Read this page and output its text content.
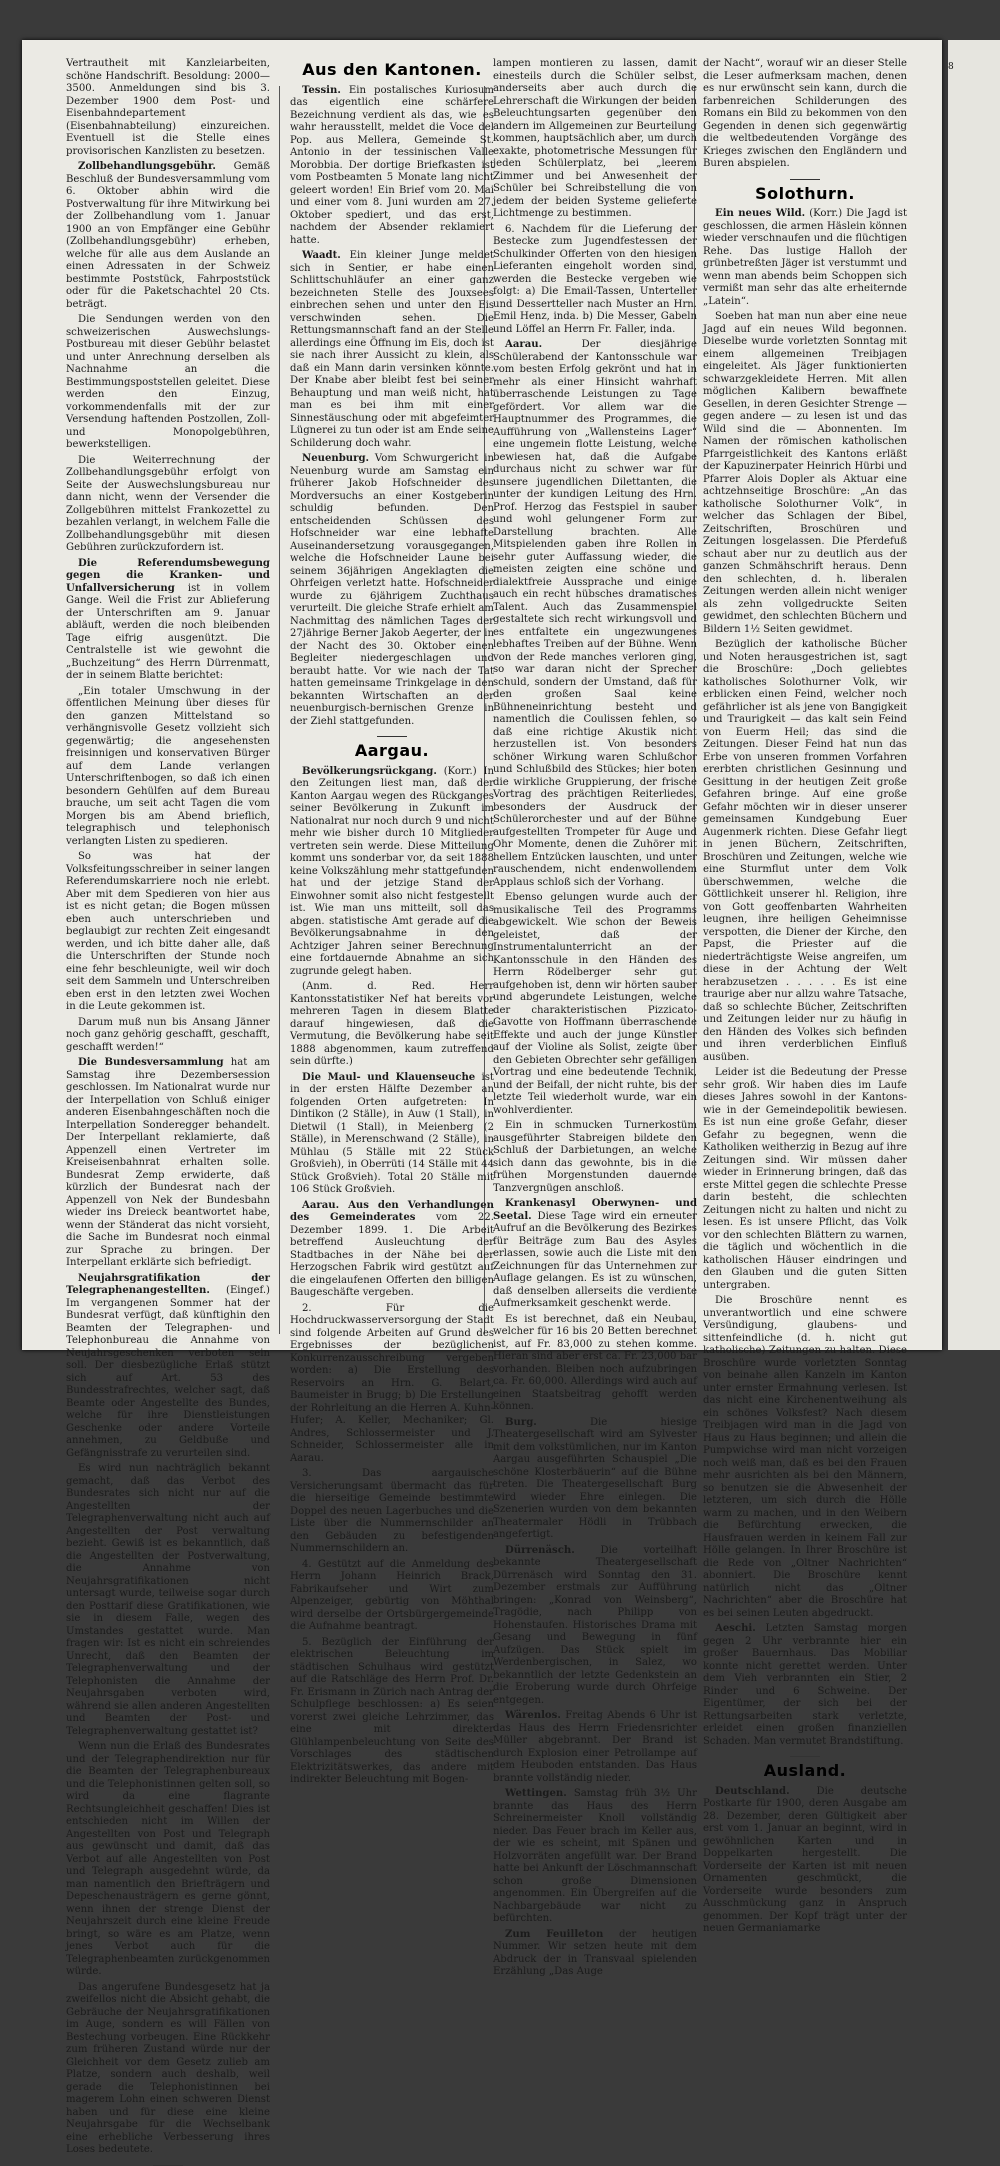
8

Vertrautheit mit Kanzleiarbeiten, schöne Handschrift. Besoldung: 2000—3500. Anmeldungen sind bis 3. Dezember 1900 dem Post- und Eisenbahndepartement (Eisenbahnabteilung) einzureichen. Eventuell ist die Stelle eines provisorischen Kanzlisten zu besetzen.

Zollbehandlungsgebühr. Gemäß Beschluß der Bundesversammlung vom 6. Oktober abhin wird die Postverwaltung für ihre Mitwirkung bei der Zollbehandlung vom 1. Januar 1900 an von Empfänger eine Gebühr (Zollbehandlungsgebühr) erheben, welche für alle aus dem Auslande an einen Adressaten in der Schweiz bestimmte Poststück, Fahrpoststück oder für die Paketschachtel 20 Cts. beträgt.

Die Sendungen werden von den schweizerischen Auswechslungs-Postbureau mit dieser Gebühr belastet und unter Anrechnung derselben als Nachnahme an die Bestimmungspoststellen geleitet. Diese werden den Einzug, vorkommendenfalls mit der zur Versendung haftenden Postzollen, Zoll- und Monopolgebühren, bewerkstelligen.

Die Weiterrechnung der Zollbehandlungsgebühr erfolgt von Seite der Auswechslungsbureau nur dann nicht, wenn der Versender die Zollgebühren mittelst Frankozettel zu bezahlen verlangt, in welchem Falle die Zollbehandlungsgebühr mit diesen Gebühren zurückzufordern ist.

Die Referendumsbewegung gegen die Kranken- und Unfallversicherung ist in vollem Gange. Weil die Frist zur Ablieferung der Unterschriften am 9. Januar abläuft, werden die noch bleibenden Tage eifrig ausgenützt. Die Centralstelle ist wie gewohnt die „Buchzeitung“ des Herrn Dürrenmatt, der in seinem Blatte berichtet:

„Ein totaler Umschwung in der öffentlichen Meinung über dieses für den ganzen Mittelstand so verhängnisvolle Gesetz vollzieht sich gegenwärtig; die angesehensten freisinnigen und konservativen Bürger auf dem Lande verlangen Unterschriftenbogen, so daß ich einen besondern Gehülfen auf dem Bureau brauche, um seit acht Tagen die vom Morgen bis am Abend brieflich, telegraphisch und telephonisch verlangten Listen zu spedieren.

So was hat der Volksfeitungsschreiber in seiner langen Referendumskarriere noch nie erlebt. Aber mit dem Spedieren von hier aus ist es nicht getan; die Bogen müssen eben auch unterschrieben und beglaubigt zur rechten Zeit eingesandt werden, und ich bitte daher alle, daß die Unterschriften der Stunde noch eine fehr beschleunigte, weil wir doch seit dem Sammeln und Unterschreiben eben erst in den letzten zwei Wochen in die Leute gekommen ist.

Darum muß nun bis Ansang Jänner noch ganz gehörig geschafft, geschafft, geschafft werden!“

Die Bundesversammlung hat am Samstag ihre Dezembersession geschlossen. Im Nationalrat wurde nur der Interpellation von Schluß einiger anderen Eisenbahngeschäften noch die Interpellation Sonderegger behandelt. Der Interpellant reklamierte, daß Appenzell einen Vertreter im Kreiseisenbahnrat erhalten solle. Bundesrat Zemp erwiderte, daß kürzlich der Bundesrat nach der Appenzell von Nek der Bundesbahn wieder ins Dreieck beantwortet habe, wenn der Ständerat das nicht vorsieht, die Sache im Bundesrat noch einmal zur Sprache zu bringen. Der Interpellant erklärte sich befriedigt.

Neujahrsgratifikation der Telegraphenangestellten. (Eingef.) Im vergangenen Sommer hat der Bundesrat verfügt, daß künftighin den Beamten der Telegraphen- und Telephonbureau die Annahme von Neujahrsgeschenken verboten sein soll. Der diesbezügliche Erlaß stützt sich auf Art. 53 des Bundesstrafrechtes, welcher sagt, daß Beamte oder Angestellte des Bundes, welche für ihre Dienstleistungen Geschenke oder andere Vorteile annehmen, zu Geldbuße und Gefängnisstrafe zu verurteilen sind.

Es wird nun nachträglich bekannt gemacht, daß das Verbot des Bundesrates sich nicht nur auf die Angestellten der Telegraphenverwaltung nicht auch auf Angestellten der Post verwaltung bezieht. Gewiß ist es bekanntlich, daß die Angestellten der Postverwaltung, die Annahme von Neujahrsgratifikationen nicht untersagt wurde, teilweise sogar durch den Posttarif diese Gratifikationen, wie sie in diesem Falle, wegen des Umstandes gestattet wurde. Man fragen wir: Ist es nicht ein schreiendes Unrecht, daß den Beamten der Telegraphenverwaltung und der Telephonisten die Annahme der Neujahrsgaben verboten wird, während sie allen anderen Angestellten und Beamten der Post- und Telegraphenverwaltung gestattet ist?

Wenn nun die Erlaß des Bundesrates und der Telegraphendirektion nur für die Beamten der Telegraphenbureaux und die Telephonistinnen gelten soll, so wird da eine flagrante Rechtsungleichheit geschaffen! Dies ist entschieden nicht im Willen der Angestellten von Post und Telegraph aus gewünscht und damit, daß das Verbot auf alle Angestellten von Post und Telegraph ausgedehnt würde, da man namentlich den Briefträgern und Depeschenausträgern es gerne gönnt, wenn ihnen der strenge Dienst der Neujahrszeit durch eine kleine Freude bringt, so wäre es am Platze, wenn jenes Verbot auch für die Telegraphenbeamten zurückgenommen würde.

Das angerufene Bundesgesetz hat ja zweifellos nicht die Absicht gehabt, die Gebräuche der Neujahrsgratifikationen im Auge, sondern es will Fällen von Bestechung vorbeugen. Eine Rückkehr zum früheren Zustand würde nur der Gleichheit vor dem Gesetz zulieb am Platze, sondern auch deshalb, weil gerade die Telephonistinnen bei magerem Lohn einen schweren Dienst haben und für diese eine kleine Neujahrsgabe für die Wechselbank eine erhebliche Verbesserung ihres Loses bedeutete.

Aus den Kantonen.

Tessin. Ein postalisches Kuriosum das eigentlich eine schärfere Bezeichnung verdient als das, wie es wahr herausstellt, meldet die Voce del Pop. aus Mellera, Gemeinde St. Antonio in der tessinischen Valle Morobbia. Der dortige Briefkasten ist vom Postbeamten 5 Monate lang nicht geleert worden! Ein Brief vom 20. Mai und einer vom 8. Juni wurden am 27. Oktober spediert, und das erst, nachdem der Absender reklamiert hatte.

Waadt. Ein kleiner Junge meldet sich in Sentier, er habe einen Schlittschuhläufer an einer ganz bezeichneten Stelle des Jouxsees einbrechen sehen und unter den Eis verschwinden sehen. Die Rettungsmannschaft fand an der Stelle allerdings eine Öffnung im Eis, doch ist sie nach ihrer Aussicht zu klein, als daß ein Mann darin versinken könnte. Der Knabe aber bleibt fest bei seiner Behauptung und man weiß nicht, hat man es bei ihm mit einer Sinnestäuschung oder mit abgefeimter Lügnerei zu tun oder ist am Ende seine Schilderung doch wahr.

Neuenburg. Vom Schwurgericht in Neuenburg wurde am Samstag ein früherer Jakob Hofschneider des Mordversuchs an einer Kostgeberin schuldig befunden. Den entscheidenden Schüssen des Hofschneider war eine lebhafte Auseinandersetzung vorausgegangen, welche die Hofschneider Laune bei seinem 36jährigen Angeklagten die Ohrfeigen verletzt hatte. Hofschneider wurde zu 6jährigem Zuchthaus verurteilt. Die gleiche Strafe erhielt am Nachmittag des nämlichen Tages der 27jährige Berner Jakob Aegerter, der in der Nacht des 30. Oktober einen Begleiter niedergeschlagen und beraubt hatte. Vor wie nach der Tat hatten gemeinsame Trinkgelage in den bekannten Wirtschaften an der neuenburgisch-bernischen Grenze in der Ziehl stattgefunden.

Aargau.

Bevölkerungsrückgang. (Korr.) In den Zeitungen liest man, daß der Kanton Aargau wegen des Rückganges seiner Bevölkerung in Zukunft im Nationalrat nur noch durch 9 und nicht mehr wie bisher durch 10 Mitglieder vertreten sein werde. Diese Mitteilung kommt uns sonderbar vor, da seit 1888 keine Volkszählung mehr stattgefunden hat und der jetzige Stand der Einwohner somit also nicht festgestellt ist. Wie man uns mitteilt, soll das abgen. statistische Amt gerade auf die Bevölkerungsabnahme in den Achtziger Jahren seiner Berechnung eine fortdauernde Abnahme an sich zugrunde gelegt haben.

(Anm. d. Red. Herr Kantonsstatistiker Nef hat bereits vor mehreren Tagen in diesem Blatte darauf hingewiesen, daß die Vermutung, die Bevölkerung habe seit 1888 abgenommen, kaum zutreffend sein dürfte.)

Die Maul- und Klauenseuche ist in der ersten Hälfte Dezember an folgenden Orten aufgetreten: In Dintikon (2 Ställe), in Auw (1 Stall), in Dietwil (1 Stall), in Meienberg (2 Ställe), in Merenschwand (2 Ställe), in Mühlau (5 Ställe mit 22 Stück Großvieh), in Oberrüti (14 Ställe mit 44 Stück Großvieh). Total 20 Ställe mit 106 Stück Großvieh.

Aarau. Aus den Verhandlungen des Gemeinderates vom 22. Dezember 1899. 1. Die Arbeit betreffend Ausleuchtung der Stadtbaches in der Nähe bei der Herzogschen Fabrik wird gestützt auf die eingelaufenen Offerten den billigen Baugeschäfte vergeben.

2. Für die Hochdruckwasserversorgung der Stadt sind folgende Arbeiten auf Grund des Ergebnisses der bezüglichen Konkurrenzausschreibung vergeben worden: a) Die Erstellung des Reservoirs an Hrn. G. Belart, Baumeister in Brugg; b) Die Erstellung der Rohrleitung an die Herren A. Kuhn-Hufer; A. Keller, Mechaniker; Gl. Andres, Schlossermeister und J. Schneider, Schlossermeister alle in Aarau.

3. Das aargauische Versicherungsamt übermacht das für die hierseitige Gemeinde bestimmte Doppel des neuen Lagerbuches und die Liste über die Nummernschilder an den Gebäuden zu befestigenden Nummernschildern an.

4. Gestützt auf die Anmeldung des Herrn Johann Heinrich Brack, Fabrikaufseher und Wirt zum Alpenzeiger, gebürtig von Möhthal wird derselbe der Ortsbürgergemeinde die Aufnahme beantragt.

5. Bezüglich der Einführung der elektrischen Beleuchtung im städtischen Schulhaus wird gestützt auf die Ratschläge des Herrn Prof. Dr. Fr. Erismann in Zürich nach Antrag der Schulpflege beschlossen: a) Es seien vorerst zwei gleiche Lehrzimmer, das eine mit direkter Glühlampenbeleuchtung von Seite des Vorschlages des städtischen Elektrizitätswerkes, das andere mit indirekter Beleuchtung mit Bogen-

lampen montieren zu lassen, damit einesteils durch die Schüler selbst, anderseits aber auch durch die Lehrerschaft die Wirkungen der beiden Beleuchtungsarten gegenüber den andern im Allgemeinen zur Beurteilung kommen, hauptsächlich aber, um durch exakte, photometrische Messungen für jeden Schülerplatz, bei „leerem Zimmer und bei Anwesenheit der Schüler bei Schreibstellung die von jedem der beiden Systeme gelieferte Lichtmenge zu bestimmen.

6. Nachdem für die Lieferung der Bestecke zum Jugendfestessen der Schulkinder Offerten von den hiesigen Lieferanten eingeholt worden sind, werden die Bestecke vergeben wie folgt: a) Die Email-Tassen, Unterteller und Dessertteller nach Muster an Hrn. Emil Henz, inda. b) Die Messer, Gabeln und Löffel an Herrn Fr. Faller, inda.

Aarau.	Der diesjährige Schülerabend der Kantonsschule war vom besten Erfolg gekrönt und hat in mehr als einer Hinsicht wahrhaft überraschende Leistungen zu Tage gefördert. Vor allem war die Hauptnummer des Programmes, die Aufführung von „Wallensteins Lager“ eine ungemein flotte Leistung, welche bewiesen hat, daß die Aufgabe durchaus nicht zu schwer war für unsere jugendlichen Dilettanten, die unter der kundigen Leitung des Hrn. Prof. Herzog das Festspiel in sauber und wohl gelungener Form zur Darstellung brachten. Alle Mitspielenden gaben ihre Rollen in sehr guter Auffassung wieder, die meisten zeigten eine schöne und dialektfreie Aussprache und einige auch ein recht hübsches dramatisches Talent. Auch das Zusammenspiel gestaltete sich recht wirkungsvoll und es entfaltete ein ungezwungenes lebhaftes Treiben auf der Bühne. Wenn von der Rede manches verloren ging, so war daran nicht der Sprecher schuld, sondern der Umstand, daß für den großen Saal keine Bühneneinrichtung besteht und namentlich die Coulissen fehlen, so daß eine richtige Akustik nicht herzustellen ist. Von besonders schöner Wirkung waren Schlußchor und Schlußbild des Stückes; hier boten die wirkliche Gruppierung, der frische Vortrag des prächtigen Reiterliedes, besonders der Ausdruck der Schülerorchester und auf der Bühne aufgestellten Trompeter für Auge und Ohr Momente, denen die Zuhörer mit hellem Entzücken lauschten, und unter rauschendem, nicht endenwollendem Applaus schloß sich der Vorhang.

Ebenso gelungen wurde auch der musikalische Teil des Programms abgewickelt. Wie schon der Beweis geleistet, daß der Instrumentalunterricht an der Kantonsschule in den Händen des Herrn Rödelberger sehr gut aufgehoben ist, denn wir hörten sauber und abgerundete Leistungen, welche der charakteristischen Pizzicato-Gavotte von Hoffmann überraschende Effekte und auch der junge Künstler auf der Violine als Solist, zeigte über den Gebieten Obrechter sehr gefälligen Vortrag und eine bedeutende Technik, und der Beifall, der nicht ruhte, bis der letzte Teil wiederholt wurde, war ein wohlverdienter.

Ein in schmucken Turnerkostüm ausgeführter Stabreigen bildete den Schluß der Darbietungen, an welche sich dann das gewohnte, bis in die frühen Morgenstunden dauernde Tanzvergnügen anschloß.

Krankenasyl Oberwynen- und Seetal. Diese Tage wird ein erneuter Aufruf an die Bevölkerung des Bezirkes für Beiträge zum Bau des Asyles erlassen, sowie auch die Liste mit den Zeichnungen für das Unternehmen zur Auflage gelangen. Es ist zu wünschen, daß denselben allerseits die verdiente Aufmerksamkeit geschenkt werde.

Es ist berechnet, daß ein Neubau, welcher für 16 bis 20 Betten berechnet ist, auf Fr. 83,000 zu stehen komme. Hieran sind aber erst ca. Fr. 23,000 bar vorhanden. Bleiben noch aufzubringen ca. Fr. 60,000. Allerdings wird auch auf einen Staatsbeitrag gehofft werden können.

Burg.	Die hiesige Theatergesellschaft wird am Sylvester mit dem volkstümlichen, nur im Kanton Aargau ausgeführten Schauspiel „Die schöne Klosterbäuerin“ auf die Bühne treten. Die Theatergesellschaft Burg wird wieder Ehre einlegen. Die Szenerien wurden von dem bekannten Theatermaler Hödli in Trübbach angefertigt.

Dürrenäsch.	Die vorteilhaft bekannte Theatergesellschaft Dürrenäsch wird Sonntag den 31. Dezember erstmals zur Aufführung bringen: „Konrad von Weinsberg“, Tragödie, nach Philipp von Hohenstaufen. Historisches Drama mit Gesang und Bewegung in fünf Aufzügen. Das Stück spielt im Werdenbergischen, in Salez, wo bekanntlich der letzte Gedenkstein an die Eroberung wurde durch Ohrfeige entgegen.

Wärenlos. Freitag Abends 6 Uhr ist das Haus des Herrn Friedensrichter Müller abgebrannt. Der Brand ist durch Explosion einer Petrollampe auf dem Heuboden entstanden. Das Haus brannte vollständig nieder.

Wettingen. Samstag früh 3½ Uhr brannte das Haus des Herrn Schreinermeister Knoll vollständig nieder. Das Feuer brach im Keller aus, der wie es scheint, mit Spänen und Holzvorräten angefüllt war. Der Brand hatte bei Ankunft der Löschmannschaft schon große Dimensionen angenommen. Ein Übergreifen auf die Nachbargebäude war nicht zu befürchten.

Zum Feuilleton der heutigen Nummer. Wir setzen heute mit dem Abdruck der in Transvaal spielenden Erzählung „Das Auge

der Nacht“, worauf wir an dieser Stelle die Leser aufmerksam machen, denen es nur erwünscht sein kann, durch die farbenreichen Schilderungen des Romans ein Bild zu bekommen von den Gegenden in denen sich gegenwärtig die weltbedeutenden Vorgänge des Krieges zwischen den Engländern und Buren abspielen.

Solothurn.

Ein neues Wild. (Korr.) Die Jagd ist geschlossen, die armen Häslein können wieder verschnaufen und die flüchtigen Rehe. Das lustige Halloh der grünbetreßten Jäger ist verstummt und wenn man abends beim Schoppen sich vermißt man sehr das alte erheiternde „Latein“.

Soeben hat man nun aber eine neue Jagd auf ein neues Wild begonnen. Dieselbe wurde vorletzten Sonntag mit einem allgemeinen Treibjagen eingeleitet. Als Jäger funktionierten schwarzgekleidete Herren. Mit allen möglichen Kalibern bewaffnete Gesellen, in deren Gesichter Strenge — gegen andere — zu lesen ist und das Wild sind die — Abonnenten. Im Namen der römischen katholischen Pfarrgeistlichkeit des Kantons erläßt der Kapuzinerpater Heinrich Hürbi und Pfarrer Alois Dopler als Aktuar eine achtzehnseitige Broschüre: „An das katholische Solothurner Volk“, in welcher das Schlagen der Bibel, Zeitschriften, Broschüren und Zeitungen losgelassen. Die Pferdefuß schaut aber nur zu deutlich aus der ganzen Schmähschrift heraus. Denn den schlechten, d. h. liberalen Zeitungen werden allein nicht weniger als zehn vollgedruckte Seiten gewidmet, den schlechten Büchern und Bildern 1½ Seiten gewidmet.

Bezüglich der katholische Bücher und Noten herausgestrichen ist, sagt die Broschüre: „Doch geliebtes katholisches Solothurner Volk, wir erblicken einen Feind, welcher noch gefährlicher ist als jene von Bangigkeit und Traurigkeit — das kalt sein Feind von Euerm Heil; das sind die Zeitungen. Dieser Feind hat nun das Erbe von unseren frommen Vorfahren ererbten christlichen Gesinnung und Gesittung in der heutigen Zeit große Gefahren bringe. Auf eine große Gefahr möchten wir in dieser unserer gemeinsamen Kundgebung Euer Augenmerk richten. Diese Gefahr liegt in jenen Büchern, Zeitschriften, Broschüren und Zeitungen, welche wie eine Sturmflut unter dem Volk überschwemmen, welche die Göttlichkeit unserer hl. Religion, ihre von Gott geoffenbarten Wahrheiten leugnen, ihre heiligen Geheimnisse verspotten, die Diener der Kirche, den Papst, die Priester auf die niederträchtigste Weise angreifen, um diese in der Achtung der Welt herabzusetzen . . . . . Es ist eine traurige aber nur allzu wahre Tatsache, daß so schlechte Bücher, Zeitschriften und Zeitungen leider nur zu häufig in den Händen des Volkes sich befinden und ihren verderblichen Einfluß ausüben.

Leider ist die Bedeutung der Presse sehr groß. Wir haben dies im Laufe dieses Jahres sowohl in der Kantons- wie in der Gemeindepolitik bewiesen. Es ist nun eine große Gefahr, dieser Gefahr zu begegnen, wenn die Katholiken weitherzig in Bezug auf ihre Zeitungen sind. Wir müssen daher wieder in Erinnerung bringen, daß das erste Mittel gegen die schlechte Presse darin besteht, die schlechten Zeitungen nicht zu halten und nicht zu lesen. Es ist unsere Pflicht, das Volk vor den schlechten Blättern zu warnen, die täglich und wöchentlich in die katholischen Häuser eindringen und den Glauben und die guten Sitten untergraben.

Die Broschüre nennt es unverantwortlich und eine schwere Versündigung, glaubens- und sittenfeindliche (d. h. nicht gut katholische) Zeitungen zu halten. Diese Broschüre wurde vorletzten Sonntag von beinahe allen Kanzeln im Kanton unter ernster Ermahnung verlesen. Ist das nicht eine Kirchenentweihung als ein schönes Volksfest? Nach diesem Treibjagen wird man in die Jagd von Haus zu Haus beginnen; und allein die Pumpwichse wird man nicht vorzeigen noch weiß man, daß es bei den Frauen mehr ausrichten als bei den Männern, so benutzen sie die Abwesenheit der letzteren, um sich durch die Hölle warm zu machen, und in den Weibern die Befürchtung erwecken, die Hausfrauen werden in keinem Fall zur Hölle gelangen. In Ihrer Broschüre ist die Rede von „Oltner Nachrichten“ abonniert. Die Broschüre kennt natürlich nicht das „Oltner Nachrichten“ aber die Broschüre hat es bei seinen Leuten abgedruckt.

Aeschi. Letzten Samstag morgen gegen 2 Uhr verbrannte hier ein großer Bauernhaus. Das Mobiliar konnte nicht gerettet werden. Unter dem Vieh verbrannten ein Stier, 2 Rinder und 6 Schweine. Der Eigentümer, der sich bei der Rettungsarbeiten stark verletzte, erleidet einen großen finanziellen Schaden. Man vermutet Brandstiftung.

Ausland.

Deutschland.	Die deutsche Postkarte für 1900, deren Ausgabe am 28. Dezember, deren Gültigkeit aber erst vom 1. Januar an beginnt, wird in gewöhnlichen Karten und in Doppelkarten hergestellt. Die Vorderseite der Karten ist mit neuen Ornamenten geschmückt, die Vorderseite wurde besonders zum Ausschmückung ganz in Anspruch genommen. Der Kopf trägt unter der neuen Germaniamarke
